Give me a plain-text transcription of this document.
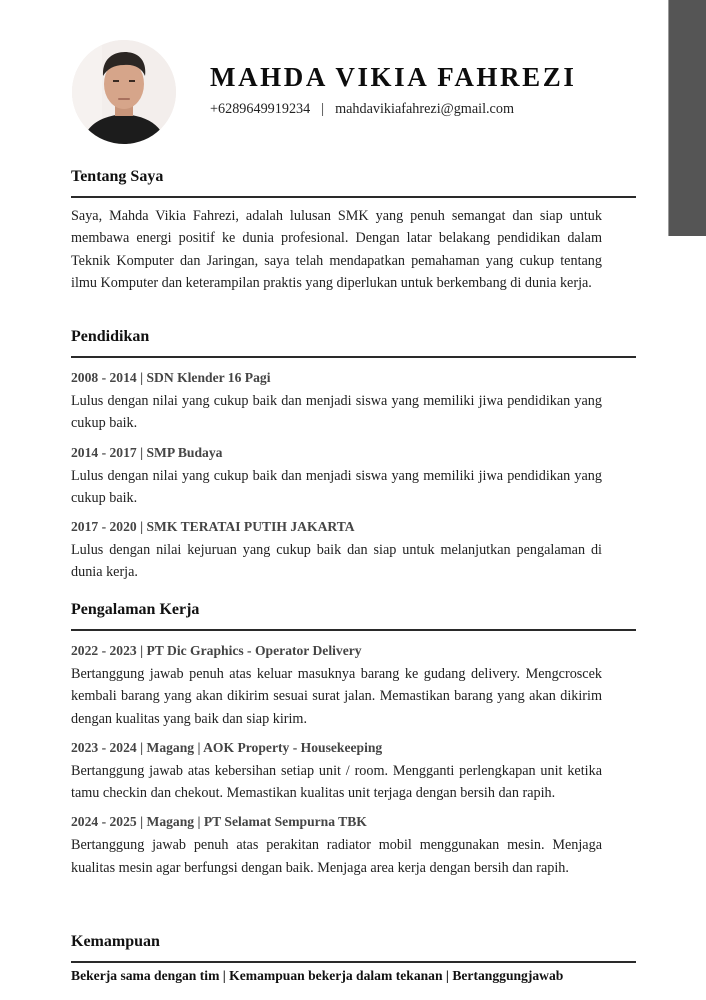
MAHDA VIKIA FAHREZI
+6289649919234 | mahdavikiafahrezi@gmail.com
Tentang Saya

Saya, Mahda Vikia Fahrezi, adalah lulusan SMK yang penuh semangat dan siap untuk membawa energi positif ke dunia profesional. Dengan latar belakang pendidikan dalam Teknik Komputer dan Jaringan, saya telah mendapatkan pemahaman yang cukup tentang ilmu Komputer dan keterampilan praktis yang diperlukan untuk berkembang di dunia kerja.

Pendidikan

2008 - 2014 | SDN Klender 16 Pagi

Lulus dengan nilai yang cukup baik dan menjadi siswa yang memiliki jiwa pendidikan yang cukup baik.

2014 - 2017 | SMP Budaya

Lulus dengan nilai yang cukup baik dan menjadi siswa yang memiliki jiwa pendidikan yang cukup baik.

2017 - 2020 | SMK TERATAI PUTIH JAKARTA

Lulus dengan nilai kejuruan yang cukup baik dan siap untuk melanjutkan pengalaman di dunia kerja.

Pengalaman Kerja

2022 - 2023 | PT Dic Graphics - Operator Delivery

Bertanggung jawab penuh atas keluar masuknya barang ke gudang delivery. Mengcroscek kembali barang yang akan dikirim sesuai surat jalan. Memastikan barang yang akan dikirim dengan kualitas yang baik dan siap kirim.

2023 - 2024 | Magang | AOK Property - Housekeeping

Bertanggung jawab atas kebersihan setiap unit / room. Mengganti perlengkapan unit ketika tamu checkin dan chekout. Memastikan kualitas unit terjaga dengan bersih dan rapih.

2024 - 2025 | Magang | PT Selamat Sempurna TBK

Bertanggung jawab penuh atas perakitan radiator mobil menggunakan mesin. Menjaga kualitas mesin agar berfungsi dengan baik. Menjaga area kerja dengan bersih dan rapih.

Kemampuan
Bekerja sama dengan tim | Kemampuan bekerja dalam tekanan | Bertanggungjawab
